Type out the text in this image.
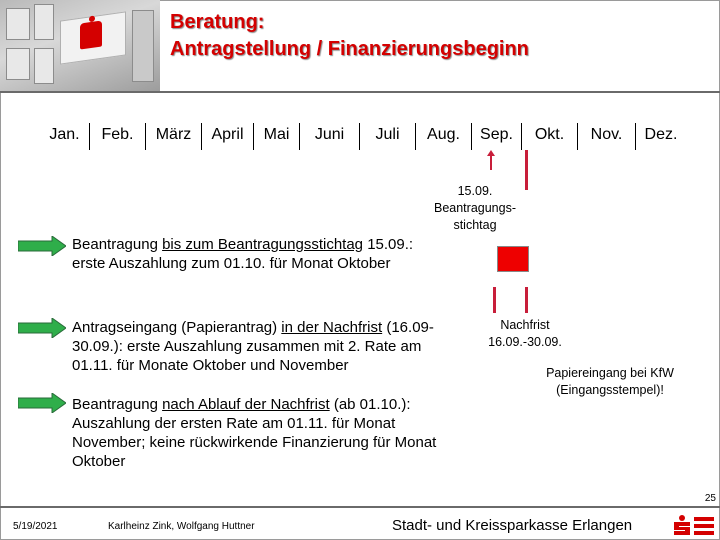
Beratung:
Antragstellung / Finanzierungsbeginn
Jan.	Feb.	März	April	Mai	Juni	Juli	Aug.	Sep.	Okt.	Nov.	Dez.
15.09.
Beantragungs-
stichtag
Nachfrist
16.09.-30.09.
Papiereingang bei KfW
(Eingangsstempel)!
Beantragung bis zum Beantragungsstichtag 15.09.: erste Auszahlung zum 01.10. für Monat Oktober
Antragseingang (Papierantrag) in der Nachfrist (16.09-30.09.): erste Auszahlung zusammen mit 2. Rate am 01.11. für Monate Oktober und November
Beantragung nach Ablauf der Nachfrist (ab 01.10.): Auszahlung der ersten Rate am 01.11. für Monat November; keine rückwirkende Finanzierung für Monat Oktober
25
5/19/2021	Karlheinz Zink, Wolfgang Huttner	Stadt- und Kreissparkasse Erlangen
